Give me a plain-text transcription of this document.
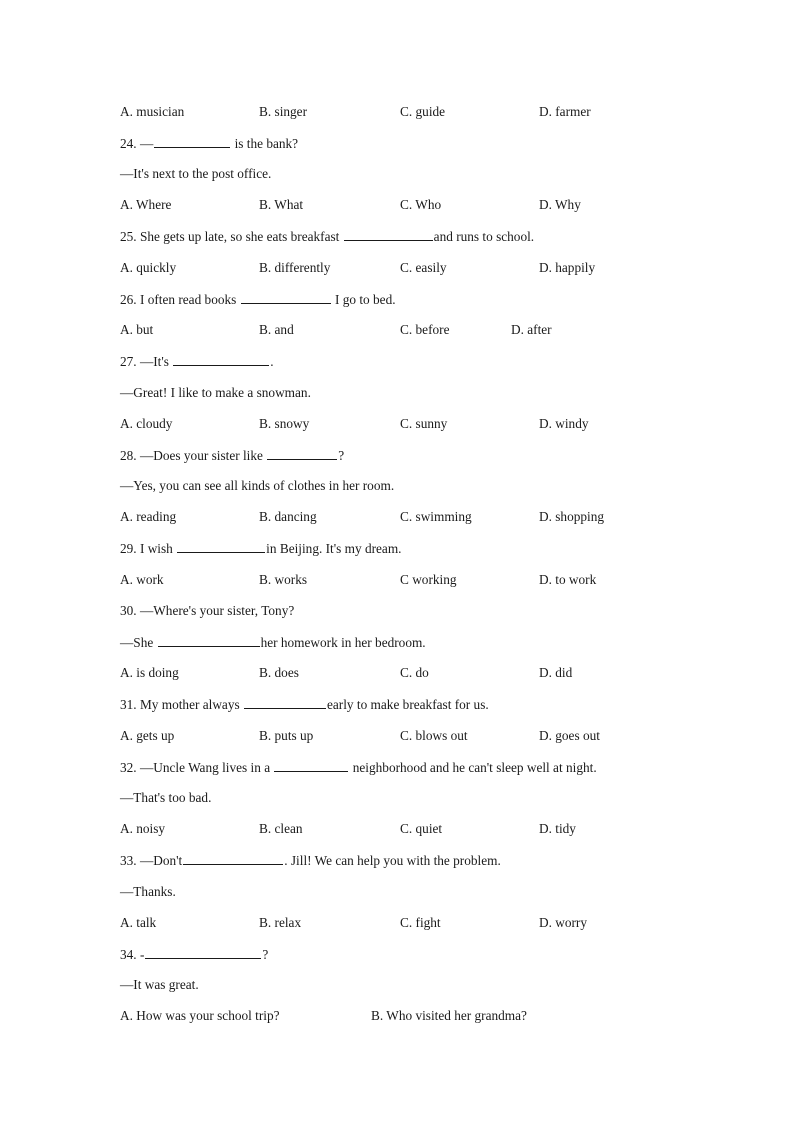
A. musician	B. singer	C. guide	D. farmer
24. —	is the bank?
—It's next to the post office.
A. Where	B. What	C. Who	D. Why
25. She gets up late, so she eats breakfast	and runs to school.
A. quickly	B. differently	C. easily	D. happily
26. I often read books	I go to bed.
A. but	B. and	C. before	D. after
27. —It's	.
—Great! I like to make a snowman.
A. cloudy	B. snowy	C. sunny	D. windy
28. —Does your sister like	?
—Yes, you can see all kinds of clothes in her room.
A. reading	B. dancing	C. swimming	D. shopping
29. I wish	in Beijing. It's my dream.
A. work	B. works	C working	D. to work
30. —Where's your sister, Tony?
—She	her homework in her bedroom.
A. is doing	B. does	C. do	D. did
31. My mother always	early to make breakfast for us.
A. gets up	B. puts up	C. blows out	D. goes out
32. —Uncle Wang lives in a	neighborhood and he can't sleep well at night.
—That's too bad.
A. noisy	B. clean	C. quiet	D. tidy
33. —Don't	. Jill! We can help you with the problem.
—Thanks.
A. talk	B. relax	C. fight	D. worry
34. -	?
—It was great.
A. How was your school trip?	B. Who visited her grandma?
